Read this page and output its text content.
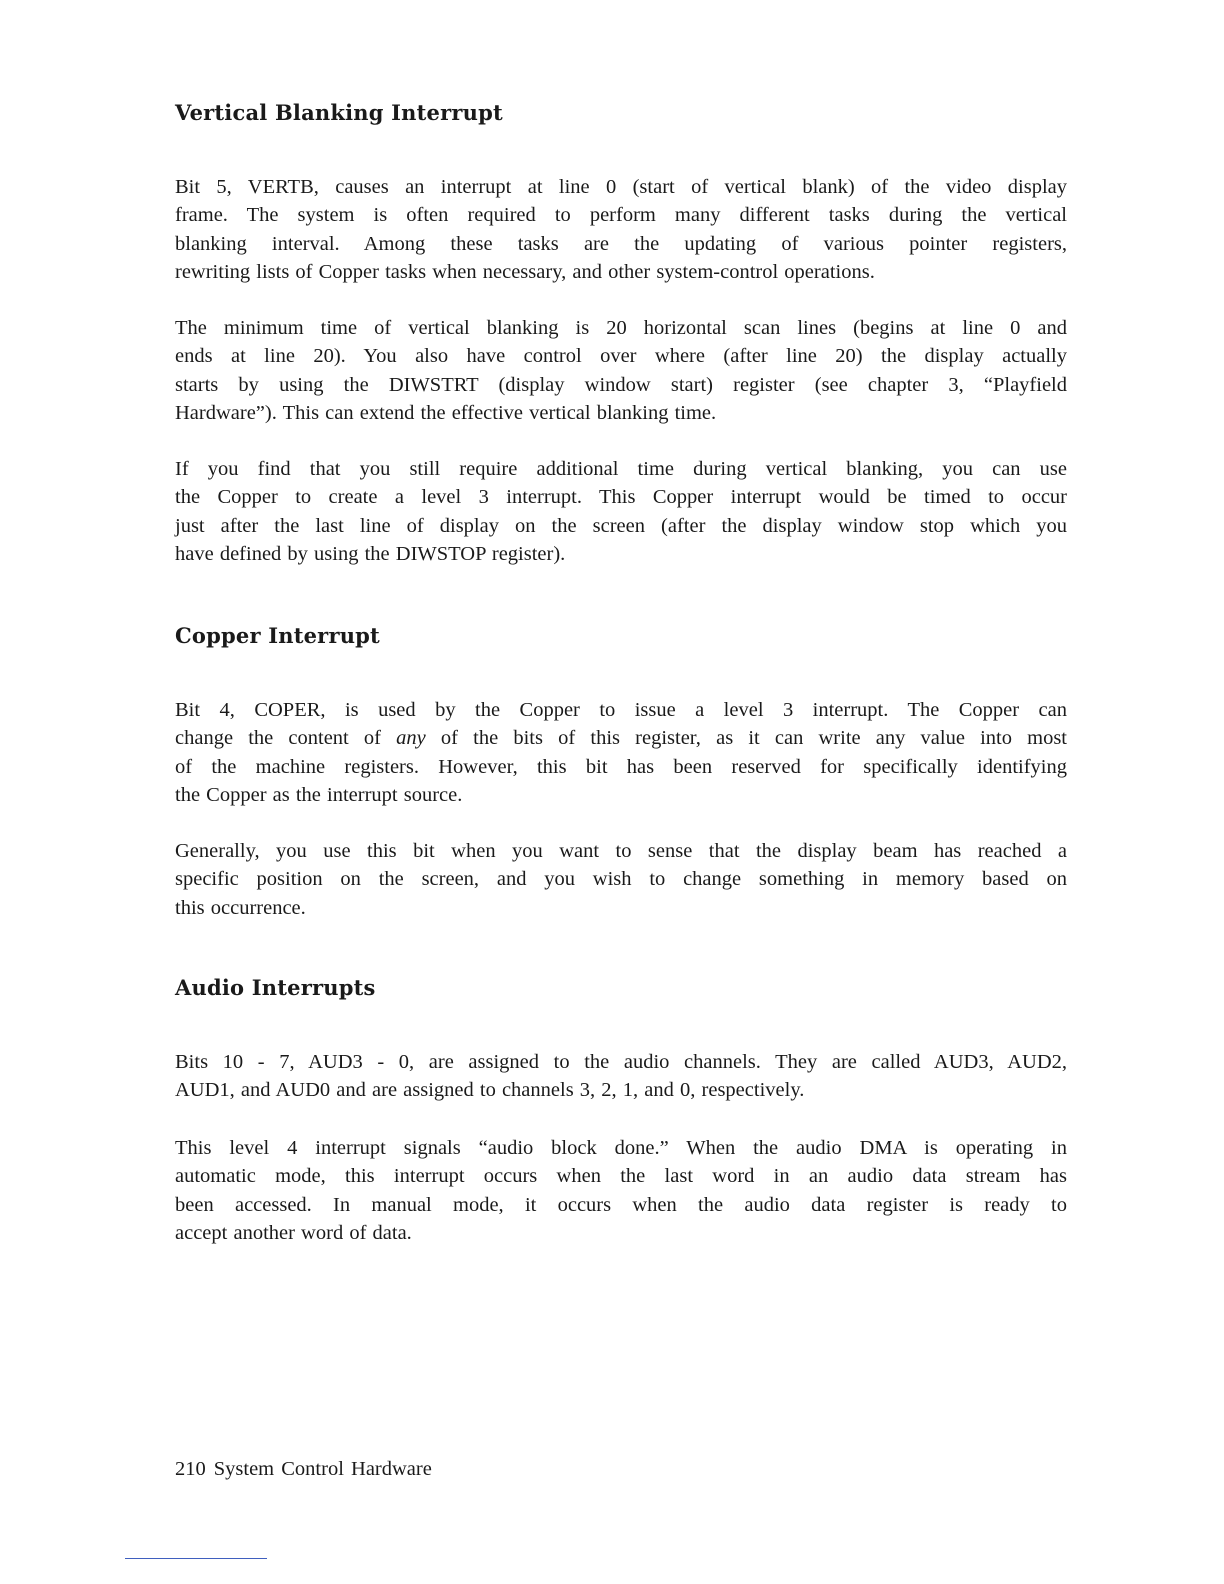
Vertical Blanking Interrupt

Bit 5, VERTB, causes an interrupt at line 0 (start of vertical blank) of the video display
frame. The system is often required to perform many different tasks during the vertical
blanking interval. Among these tasks are the updating of various pointer registers,
rewriting lists of Copper tasks when necessary, and other system-control operations.

The minimum time of vertical blanking is 20 horizontal scan lines (begins at line 0 and
ends at line 20). You also have control over where (after line 20) the display actually
starts by using the DIWSTRT (display window start) register (see chapter 3, “Playfield
Hardware”). This can extend the effective vertical blanking time.

If you find that you still require additional time during vertical blanking, you can use
the Copper to create a level 3 interrupt. This Copper interrupt would be timed to occur
just after the last line of display on the screen (after the display window stop which you
have defined by using the DIWSTOP register).

Copper Interrupt

Bit 4, COPER, is used by the Copper to issue a level 3 interrupt. The Copper can
change the content of any of the bits of this register, as it can write any value into most
of the machine registers. However, this bit has been reserved for specifically identifying
the Copper as the interrupt source.

Generally, you use this bit when you want to sense that the display beam has reached a
specific position on the screen, and you wish to change something in memory based on
this occurrence.

Audio Interrupts

Bits 10 - 7, AUD3 - 0, are assigned to the audio channels. They are called AUD3, AUD2,
AUD1, and AUD0 and are assigned to channels 3, 2, 1, and 0, respectively.

This level 4 interrupt signals “audio block done.” When the audio DMA is operating in
automatic mode, this interrupt occurs when the last word in an audio data stream has
been accessed. In manual mode, it occurs when the audio data register is ready to
accept another word of data.

210 System Control Hardware
